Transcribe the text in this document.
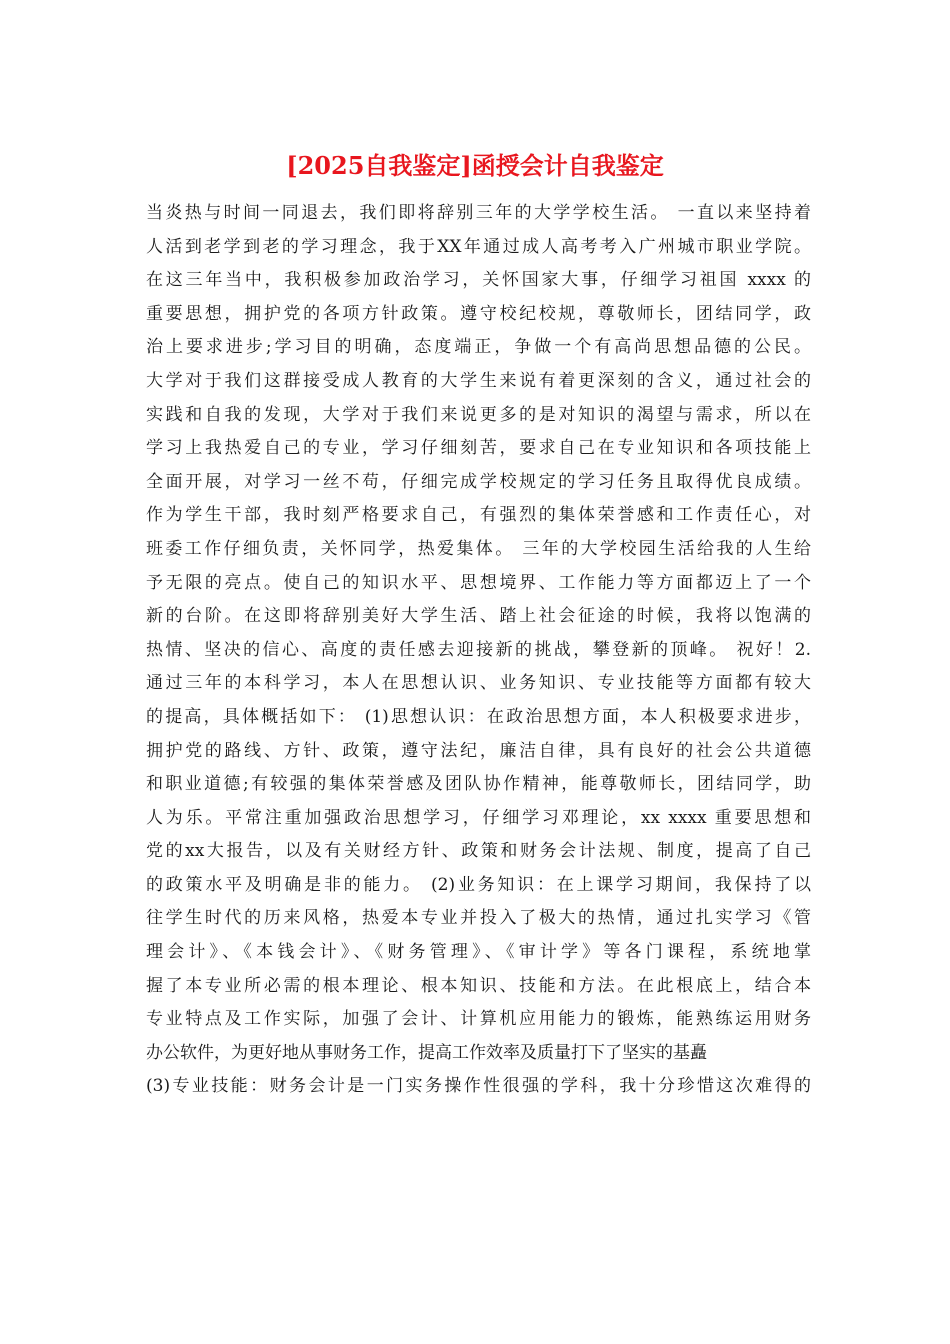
[2025自我鉴定]函授会计自我鉴定
当炎热与时间一同退去，我们即将辞别三年的大学学校生活。 一直以来坚持着
人活到老学到老的学习理念，我于XX年通过成人高考考入广州城市职业学院。
在这三年当中，我积极参加政治学习，关怀国家大事，仔细学习祖国 xxxx 的
重要思想，拥护党的各项方针政策。遵守校纪校规，尊敬师长，团结同学，政
治上要求进步;学习目的明确，态度端正，争做一个有高尚思想品德的公民。
大学对于我们这群接受成人教育的大学生来说有着更深刻的含义，通过社会的
实践和自我的发现，大学对于我们来说更多的是对知识的渴望与需求，所以在
学习上我热爱自己的专业，学习仔细刻苦，要求自己在专业知识和各项技能上
全面开展，对学习一丝不苟，仔细完成学校规定的学习任务且取得优良成绩。
作为学生干部，我时刻严格要求自己，有强烈的集体荣誉感和工作责任心，对
班委工作仔细负责，关怀同学，热爱集体。 三年的大学校园生活给我的人生给
予无限的亮点。使自己的知识水平、思想境界、工作能力等方面都迈上了一个
新的台阶。在这即将辞别美好大学生活、踏上社会征途的时候，我将以饱满的
热情、坚决的信心、高度的责任感去迎接新的挑战，攀登新的顶峰。 祝好！2.
通过三年的本科学习，本人在思想认识、业务知识、专业技能等方面都有较大
的提高，具体概括如下： (1)思想认识：在政治思想方面，本人积极要求进步，
拥护党的路线、方针、政策，遵守法纪，廉洁自律，具有良好的社会公共道德
和职业道德;有较强的集体荣誉感及团队协作精神，能尊敬师长，团结同学，助
人为乐。平常注重加强政治思想学习，仔细学习邓理论，xx xxxx 重要思想和
党的xx大报告，以及有关财经方针、政策和财务会计法规、制度，提高了自己
的政策水平及明确是非的能力。 (2)业务知识：在上课学习期间，我保持了以
往学生时代的历来风格，热爱本专业并投入了极大的热情，通过扎实学习《管
理会计》、《本钱会计》、《财务管理》、《审计学》等各门课程，系统地掌
握了本专业所必需的根本理论、根本知识、技能和方法。在此根底上，结合本
专业特点及工作实际，加强了会计、计算机应用能力的锻炼，能熟练运用财务
办公软件，为更好地从事财务工作，提高工作效率及质量打下了坚实的基矗
(3)专业技能：财务会计是一门实务操作性很强的学科，我十分珍惜这次难得的
